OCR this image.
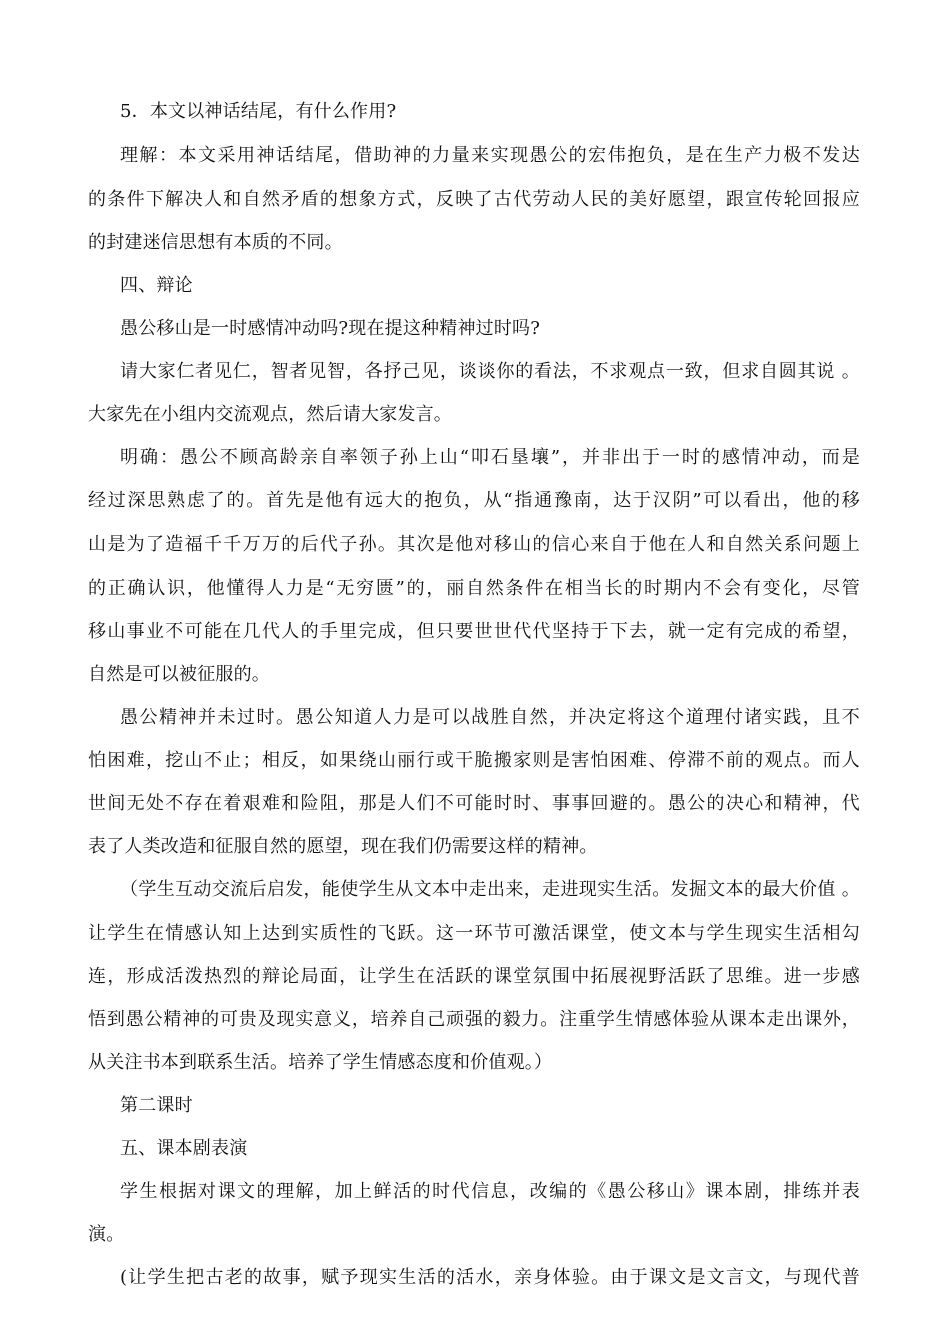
5．本文以神话结尾，有什么作用?
理解：本文采用神话结尾，借助神的力量来实现愚公的宏伟抱负，是在生产力极不发达
的条件下解决人和自然矛盾的想象方式，反映了古代劳动人民的美好愿望，跟宣传轮回报应
的封建迷信思想有本质的不同。
四、辩论
愚公移山是一时感情冲动吗?现在提这种精神过时吗?
请大家仁者见仁，智者见智，各抒己见，谈谈你的看法，不求观点一致，但求自圆其说 。
大家先在小组内交流观点，然后请大家发言。
明确：愚公不顾高龄亲自率领子孙上山“叩石垦壤”，并非出于一时的感情冲动，而是
经过深思熟虑了的。首先是他有远大的抱负，从“指通豫南，达于汉阴”可以看出，他的移
山是为了造福千千万万的后代子孙。其次是他对移山的信心来自于他在人和自然关系问题上
的正确认识，他懂得人力是“无穷匮”的，丽自然条件在相当长的时期内不会有变化，尽管
移山事业不可能在几代人的手里完成，但只要世世代代坚持于下去，就一定有完成的希望，
自然是可以被征服的。
愚公精神并未过时。愚公知道人力是可以战胜自然，并决定将这个道理付诸实践，且不
怕困难，挖山不止；相反，如果绕山丽行或干脆搬家则是害怕困难、停滞不前的观点。而人
世间无处不存在着艰难和险阻，那是人们不可能时时、事事回避的。愚公的决心和精神，代
表了人类改造和征服自然的愿望，现在我们仍需要这样的精神。
（学生互动交流后启发，能使学生从文本中走出来，走进现实生活。发掘文本的最大价值 。
让学生在情感认知上达到实质性的飞跃。这一环节可激活课堂，使文本与学生现实生活相勾
连，形成活泼热烈的辩论局面，让学生在活跃的课堂氛围中拓展视野活跃了思维。进一步感
悟到愚公精神的可贵及现实意义，培养自己顽强的毅力。注重学生情感体验从课本走出课外，
从关注书本到联系生活。培养了学生情感态度和价值观。）
第二课时
五、课本剧表演
学生根据对课文的理解，加上鲜活的时代信息，改编的《愚公移山》课本剧，排练并表
演。
(让学生把古老的故事，赋予现实生活的活水，亲身体验。由于课文是文言文，与现代普
